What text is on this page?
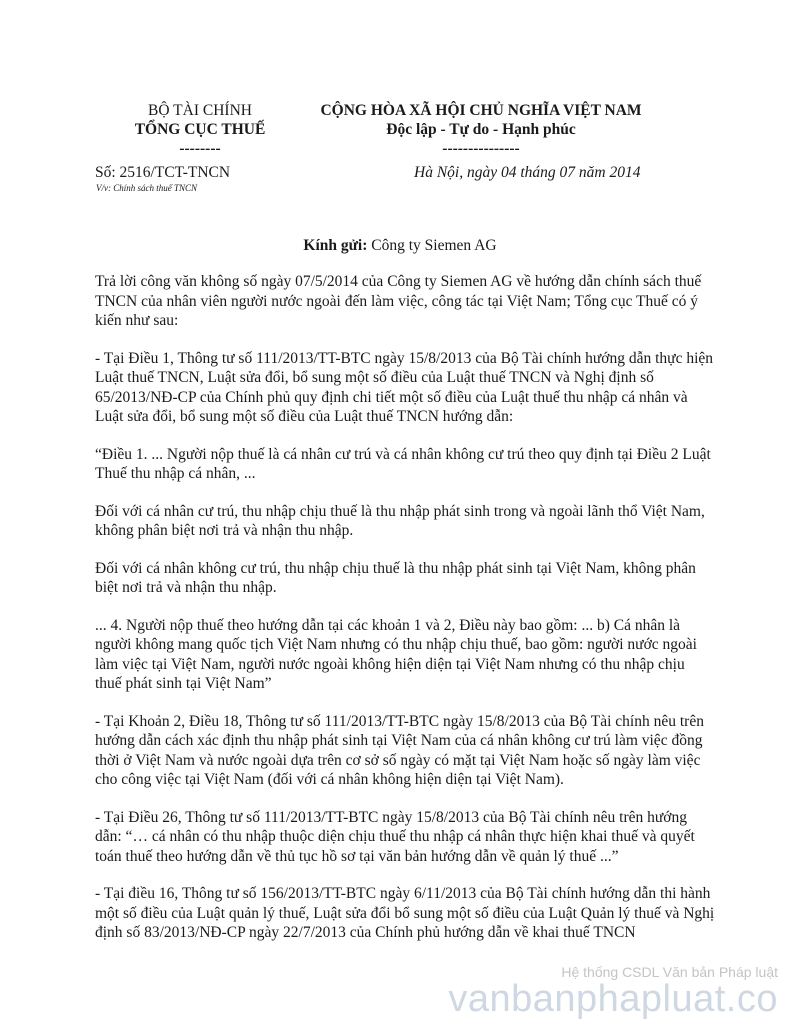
BỘ TÀI CHÍNH
TỔNG CỤC THUẾ
--------
CỘNG HÒA XÃ HỘI CHỦ NGHĨA VIỆT NAM
Độc lập - Tự do - Hạnh phúc
---------------
Số: 2516/TCT-TNCN
V/v: Chính sách thuế TNCN
Hà Nội, ngày 04 tháng 07 năm 2014
Kính gửi: Công ty Siemen AG

Trả lời công văn không số ngày 07/5/2014 của Công ty Siemen AG về hướng dẫn chính sách thuế TNCN của nhân viên người nước ngoài đến làm việc, công tác tại Việt Nam; Tổng cục Thuế có ý kiến như sau:

- Tại Điều 1, Thông tư số 111/2013/TT-BTC ngày 15/8/2013 của Bộ Tài chính hướng dẫn thực hiện Luật thuế TNCN, Luật sửa đổi, bổ sung một số điều của Luật thuế TNCN và Nghị định số 65/2013/NĐ-CP của Chính phủ quy định chi tiết một số điều của Luật thuế thu nhập cá nhân và Luật sửa đổi, bổ sung một số điều của Luật thuế TNCN hướng dẫn:

“Điều 1. ... Người nộp thuế là cá nhân cư trú và cá nhân không cư trú theo quy định tại Điều 2 Luật Thuế thu nhập cá nhân, ...

Đối với cá nhân cư trú, thu nhập chịu thuế là thu nhập phát sinh trong và ngoài lãnh thổ Việt Nam, không phân biệt nơi trả và nhận thu nhập.

Đối với cá nhân không cư trú, thu nhập chịu thuế là thu nhập phát sinh tại Việt Nam, không phân biệt nơi trả và nhận thu nhập.

... 4. Người nộp thuế theo hướng dẫn tại các khoản 1 và 2, Điều này bao gồm: ... b) Cá nhân là người không mang quốc tịch Việt Nam nhưng có thu nhập chịu thuế, bao gồm: người nước ngoài làm việc tại Việt Nam, người nước ngoài không hiện diện tại Việt Nam nhưng có thu nhập chịu thuế phát sinh tại Việt Nam”

- Tại Khoản 2, Điều 18, Thông tư số 111/2013/TT-BTC ngày 15/8/2013 của Bộ Tài chính nêu trên hướng dẫn cách xác định thu nhập phát sinh tại Việt Nam của cá nhân không cư trú làm việc đồng thời ở Việt Nam và nước ngoài dựa trên cơ sở số ngày có mặt tại Việt Nam hoặc số ngày làm việc cho công việc tại Việt Nam (đối với cá nhân không hiện diện tại Việt Nam).

- Tại Điều 26, Thông tư số 111/2013/TT-BTC ngày 15/8/2013 của Bộ Tài chính nêu trên hướng dẫn: “… cá nhân có thu nhập thuộc diện chịu thuế thu nhập cá nhân thực hiện khai thuế và quyết toán thuế theo hướng dẫn về thủ tục hồ sơ tại văn bản hướng dẫn về quản lý thuế ...”

- Tại điều 16, Thông tư số 156/2013/TT-BTC ngày 6/11/2013 của Bộ Tài chính hướng dẫn thi hành một số điều của Luật quản lý thuế, Luật sửa đổi bổ sung một số điều của Luật Quản lý thuế và Nghị định số 83/2013/NĐ-CP ngày 22/7/2013 của Chính phủ hướng dẫn về khai thuế TNCN

Hệ thống CSDL Văn bản Pháp luật
vanbanphapluat.co
